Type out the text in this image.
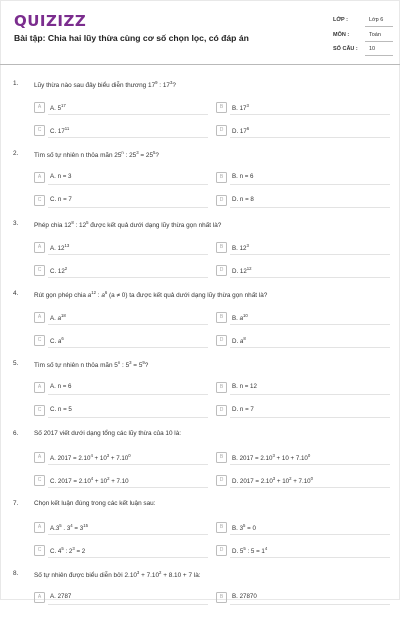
QUIZIZZ
Bài tập: Chia hai lũy thừa cùng cơ số chọn lọc, có đáp án
LỚP :	Lớp 6
MÔN :	Toán
SỐ CÂU : 10
1. Lũy thừa nào sau đây biểu diễn thương $17^9$ : $17^3$?
A	A. $5^{17}$	B	B. $17^3$
C	C. $17^{11}$	D	D. $17^6$
2. Tìm số tự nhiên n thỏa mãn 25$^n$ : $25^3 = 25^5$?
A	A. n = 3	B	B. n = 6
C	C. n = 7	D	D. n = 8
3. Phép chia $12^8$ : $12^5$ được kết quả dưới dạng lũy thừa gọn nhất là?
A	A. $12^{13}$	B	B. $12^3$
C	C. $12^2$	D	D. $12^{12}$
4. Rút gọn phép chia $a^{12}$ : $a^6$ (a ≠ 0) ta được kết quả dưới dạng lũy thừa gọn nhất là?
A	A. $a^{18}$	B	B. $a^{10}$
C	C. $a^6$	D	D. $a^8$
5. Tìm số tự nhiên n thỏa mãn 5$^n$ : $5^3 = 5^9$?
A	A. n = 6	B	B. n = 12
C	C. n = 5	D	D. n = 7
6. Số 2017 viết dưới dạng tổng các lũy thừa của 10 là:
A	A. $2017 = 2.10^4 + 10^3 + 7.10^0$	B	B. $2017 = 2.10^3 + 10 + 7.10^0$
C	C. $2017 = 2.10^4 + 10^2 + 7.10$	D	D. $2017 = 2.10^3 + 10^2 + 7.10^0$
7. Chọn kết luận đúng trong các kết luận sau:
A	$A.3^5$ . $3^4 = 3^{15}$	B	B. $3^5 = 0$
C	C. $4^5$ : $2^3 = 2$	D	D. $5^5$ : $5 = 1^4$
8. Số tự nhiên được biểu diễn bởi $2.10^3 + 7.10^2 + 8.10 + 7$ là:
A	A. 2787	B	B. 27870
